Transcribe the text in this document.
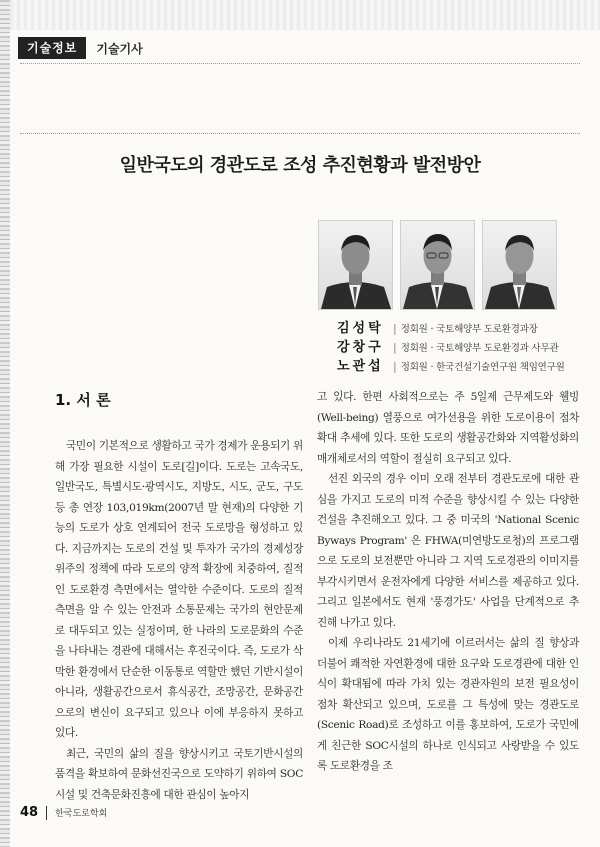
기술정보	기술기사
일반국도의 경관도로 조성 추진현황과 발전방안
김성탁 | 정회원 · 국토해양부 도로환경과장
강창구 | 정회원 · 국토해양부 도로환경과 사무관
노관섭 | 정회원 · 한국건설기술연구원 책임연구원
1. 서 론

국민이 기본적으로 생활하고 국가 경제가 운용되기 위해 가장 필요한 시설이 도로[길]이다. 도로는 고속국도, 일반국도, 특별시도·광역시도, 지방도, 시도, 군도, 구도 등 총 연장 103,019km(2007년 말 현재)의 다양한 기능의 도로가 상호 연계되어 전국 도로망을 형성하고 있다. 지금까지는 도로의 건설 및 투자가 국가의 경제성장 위주의 정책에 따라 도로의 양적 확장에 치중하여, 질적인 도로환경 측면에서는 열악한 수준이다. 도로의 질적 측면을 알 수 있는 안전과 소통문제는 국가의 현안문제로 대두되고 있는 실정이며, 한 나라의 도로문화의 수준을 나타내는 경관에 대해서는 후진국이다. 즉, 도로가 삭막한 환경에서 단순한 이동통로 역할만 했던 기반시설이 아니라, 생활공간으로서 휴식공간, 조망공간, 문화공간으로의 변신이 요구되고 있으나 이에 부응하지 못하고 있다.

최근, 국민의 삶의 질을 향상시키고 국토기반시설의 품격을 확보하여 문화선진국으로 도약하기 위하여 SOC시설 및 건축문화진흥에 대한 관심이 높아지

고 있다. 한편 사회적으로는 주 5일제 근무제도와 웰빙(Well-being) 열풍으로 여가선용을 위한 도로이용이 점차 확대 추세에 있다. 또한 도로의 생활공간화와 지역활성화의 매개체로서의 역할이 절실히 요구되고 있다.

선진 외국의 경우 이미 오래 전부터 경관도로에 대한 관심을 가지고 도로의 미적 수준을 향상시킬 수 있는 다양한 건설을 추진해오고 있다. 그 중 미국의 'National Scenic Byways Program' 은 FHWA(미연방도로청)의 프로그램으로 도로의 보전뿐만 아니라 그 지역 도로경관의 이미지를 부각시키면서 운전자에게 다양한 서비스를 제공하고 있다. 그리고 일본에서도 현재 '풍경가도' 사업을 단계적으로 추진해 나가고 있다.

이제 우리나라도 21세기에 이르러서는 삶의 질 향상과 더불어 쾌적한 자연환경에 대한 요구와 도로경관에 대한 인식이 확대됨에 따라 가치 있는 경관자원의 보전 필요성이 점차 확산되고 있으며, 도로를 그 특성에 맞는 경관도로(Scenic Road)로 조성하고 이를 홍보하여, 도로가 국민에게 친근한 SOC시설의 하나로 인식되고 사랑받을 수 있도록 도로환경을 조

48 한국도로학회
